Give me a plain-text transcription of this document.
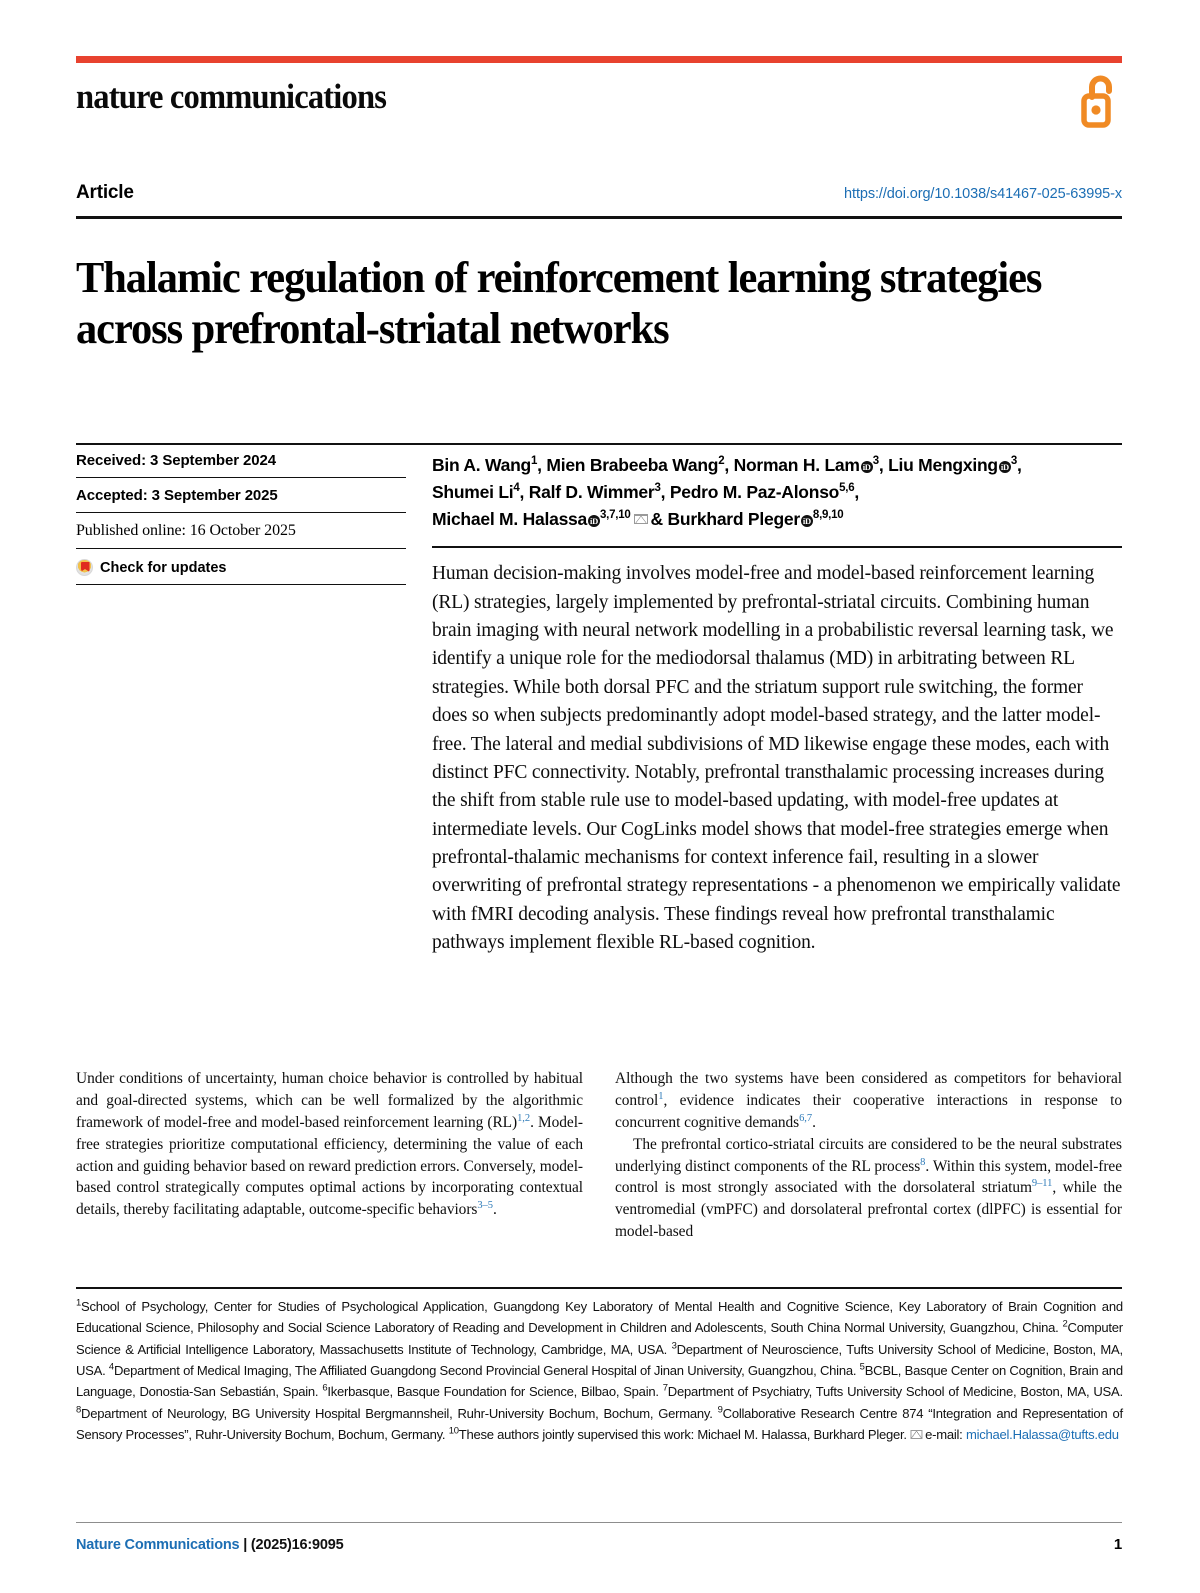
nature communications
Article	https://doi.org/10.1038/s41467-025-63995-x
Thalamic regulation of reinforcement learning strategies across prefrontal-striatal networks
Received: 3 September 2024
Accepted: 3 September 2025
Published online: 16 October 2025
Check for updates
Bin A. Wang$^1$, Mien Brabeeba Wang$^2$, Norman H. Lam iD $^3$, Liu Mengxing iD $^3$,
Shumei Li$^4$, Ralf D. Wimmer$^3$, Pedro M. Paz-Alonso$^{5,6}$,
Michael M. Halassa iD $^{3,7,10}$ & Burkhard Pleger iD $^{8,9,10}$
Human decision-making involves model-free and model-based reinforcement learning (RL) strategies, largely implemented by prefrontal-striatal circuits. Combining human brain imaging with neural network modelling in a probabilistic reversal learning task, we identify a unique role for the mediodorsal thalamus (MD) in arbitrating between RL strategies. While both dorsal PFC and the striatum support rule switching, the former does so when subjects predominantly adopt model-based strategy, and the latter model-free. The lateral and medial subdivisions of MD likewise engage these modes, each with distinct PFC connectivity. Notably, prefrontal transthalamic processing increases during the shift from stable rule use to model-based updating, with model-free updates at intermediate levels. Our CogLinks model shows that model-free strategies emerge when prefrontal-thalamic mechanisms for context inference fail, resulting in a slower overwriting of prefrontal strategy representations - a phenomenon we empirically validate with fMRI decoding analysis. These findings reveal how prefrontal transthalamic pathways implement flexible RL-based cognition.

Under conditions of uncertainty, human choice behavior is controlled by habitual and goal-directed systems, which can be well formalized by the algorithmic framework of model-free and model-based reinforcement learning (RL)$^{1,2}$. Model-free strategies prioritize computational efficiency, determining the value of each action and guiding behavior based on reward prediction errors. Conversely, model-based control strategically computes optimal actions by incorporating contextual details, thereby facilitating adaptable, outcome-specific behaviors$^{3-5}$.

Although the two systems have been considered as competitors for behavioral control$^1$, evidence indicates their cooperative interactions in response to concurrent cognitive demands$^{6,7}$.

The prefrontal cortico-striatal circuits are considered to be the neural substrates underlying distinct components of the RL process$^8$. Within this system, model-free control is most strongly associated with the dorsolateral striatum$^{9-11}$, while the ventromedial (vmPFC) and dorsolateral prefrontal cortex (dlPFC) is essential for model-based

$^1$School of Psychology, Center for Studies of Psychological Application, Guangdong Key Laboratory of Mental Health and Cognitive Science, Key Laboratory of Brain Cognition and Educational Science, Philosophy and Social Science Laboratory of Reading and Development in Children and Adolescents, South China Normal University, Guangzhou, China. $^2$Computer Science & Artificial Intelligence Laboratory, Massachusetts Institute of Technology, Cambridge, MA, USA. $^3$Department of Neuroscience, Tufts University School of Medicine, Boston, MA, USA. $^4$Department of Medical Imaging, The Affiliated Guangdong Second Provincial General Hospital of Jinan University, Guangzhou, China. $^5$BCBL, Basque Center on Cognition, Brain and Language, Donostia-San Sebastián, Spain. $^6$Ikerbasque, Basque Foundation for Science, Bilbao, Spain. $^7$Department of Psychiatry, Tufts University School of Medicine, Boston, MA, USA. $^8$Department of Neurology, BG University Hospital Bergmannsheil, Ruhr-University Bochum, Bochum, Germany. $^9$Collaborative Research Centre 874 “Integration and Representation of Sensory Processes”, Ruhr-University Bochum, Bochum, Germany. $^{10}$These authors jointly supervised this work: Michael M. Halassa, Burkhard Pleger. e-mail: michael.Halassa@tufts.edu
Nature Communications | (2025)16:9095	1
